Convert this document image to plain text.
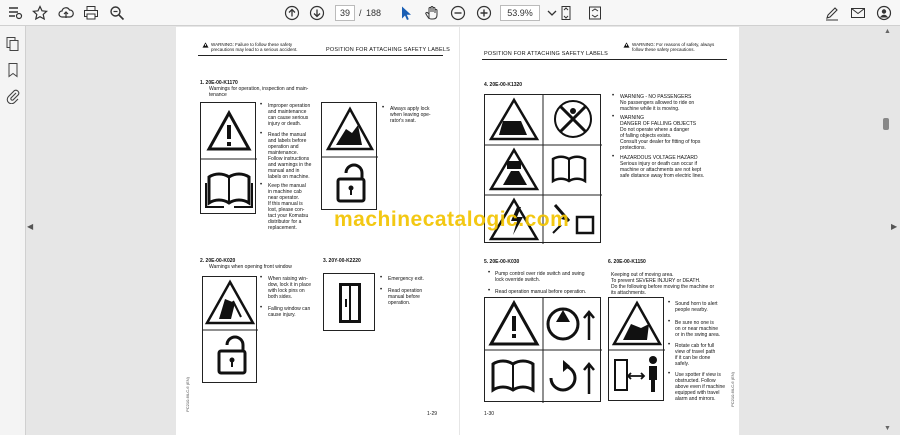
39	/ 188	53.9%
◀	▶
▲
▼
WARNING: Failure to follow these safety
precautions may lead to a serious accident.	POSITION FOR ATTACHING SAFETY LABELS
1. 20E-00-K1170
Warnings for operation, inspection and main-
tenance
• Improper operation
and maintenance
can cause serious
injury or death.
• Read the manual
and labels before
operation and
maintenance.
Follow instructions
and warnings in the
manual and in
labels on machine.
• Keep the manual
in machine cab
near operator.
If this manual is
lost, please con-
tact your Komatsu
distributor for a
replacement.
• Always apply lock
when leaving ope-
rator's seat.
2. 20E-00-K020
Warnings when opening front window
• When raising win-
dow, lock it in place
with lock pins on
both sides.
• Falling window can
cause injury.
3. 20Y-00-K2220
• Emergency exit.
• Read operation
manual before
operation.
PC210-6/LC-6 (EN)
1-29
POSITION FOR ATTACHING SAFETY LABELS
WARNING: For reasons of safety, always
follow these safety precautions.
4. 20E-00-K1320
• WARNING - NO PASSENGERS
No passengers allowed to ride on
machine while it is moving.
• WARNING
DANGER OF FALLING OBJECTS
Do not operate where a danger
of falling objects exists.
Consult your dealer for fitting of fops
protections.
• HAZARDOUS VOLTAGE HAZARD
Serious injury or death can occur if
machine or attachments are not kept
safe distance away from electric lines.
5. 20E-00-K030
• Pump control over ride switch and swing
lock override switch.
• Read operation manual before operation.
6. 20E-00-K1150
Keeping out of moving area.
To prevent SEVERE INJURY or DEATH.
Do the following before moving the machine or
its attachments.
• Sound horn to alert
people nearby.
• Be sure no one is
on or near machine
or in the swing area.
• Rotate cab for full
view of travel path
if it can be done
safely.
• Use spotter if view is
obstructed. Follow
above even if machine
equipped with travel
alarm and mirrors.
1-30
PC210-6/LC-6 (EN)
machinecatalogic.com
